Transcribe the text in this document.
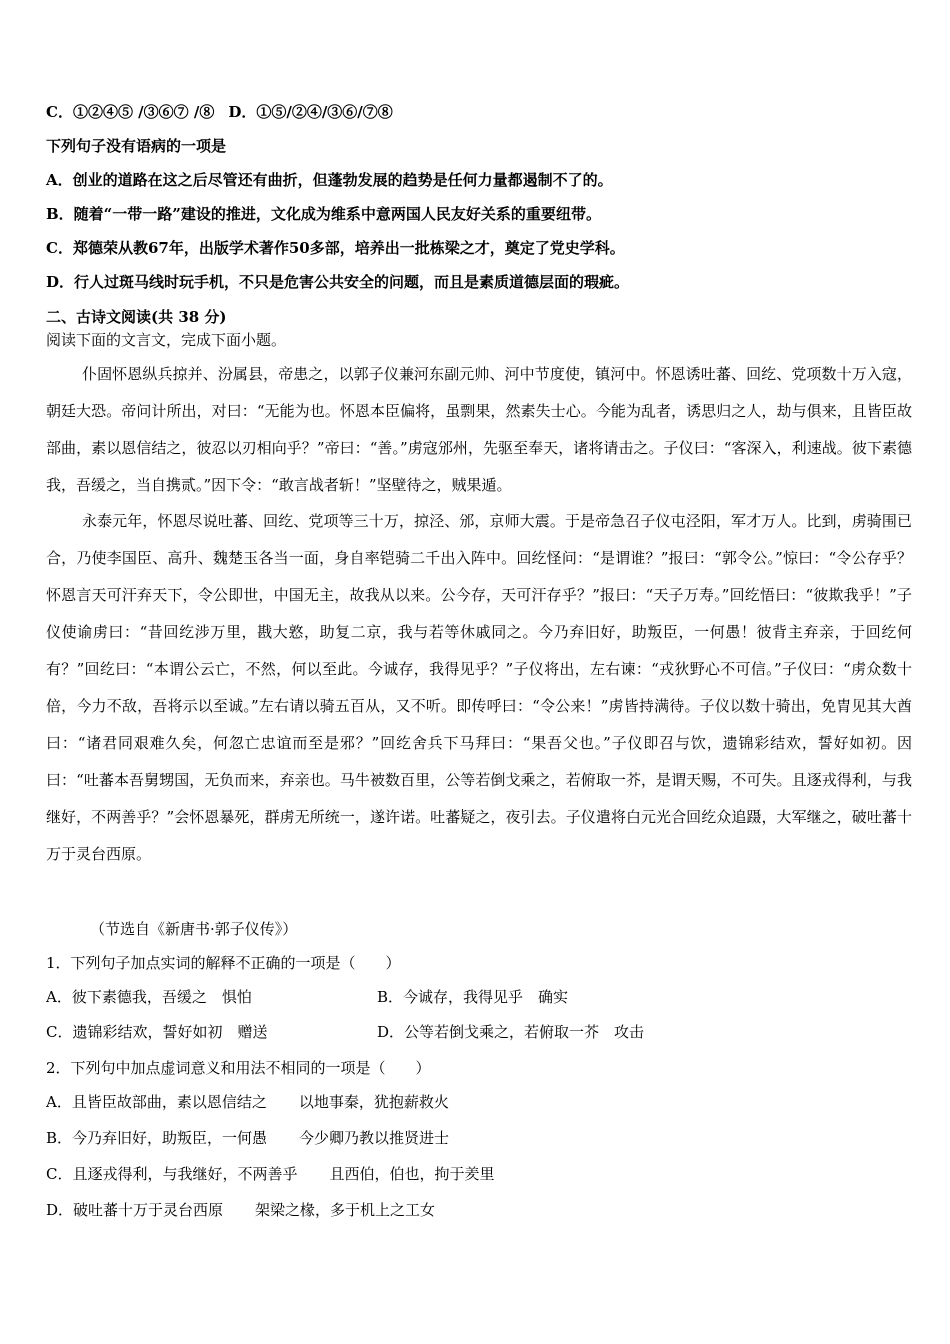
C．①②④⑤ /③⑥⑦ /⑧ D．①⑤/②④/③⑥/⑦⑧
下列句子没有语病的一项是
A．创业的道路在这之后尽管还有曲折，但蓬勃发展的趋势是任何力量都遏制不了的。
B．随着“一带一路”建设的推进，文化成为维系中意两国人民友好关系的重要纽带。
C．郑德荣从教67年，出版学术著作50多部，培养出一批栋梁之才，奠定了党史学科。
D．行人过斑马线时玩手机，不只是危害公共安全的问题，而且是素质道德层面的瑕疵。
二、古诗文阅读(共 38 分)
阅读下面的文言文，完成下面小题。

仆固怀恩纵兵掠并、汾属县，帝患之，以郭子仪兼河东副元帅、河中节度使，镇河中。怀恩诱吐蕃、回纥、党项数十万入寇，朝廷大恐。帝问计所出，对曰：“无能为也。怀恩本臣偏将，虽剽果，然素失士心。今能为乱者，诱思归之人，劫与俱来，且皆臣故部曲，素以恩信结之，彼忍以刃相向乎？”帝曰：“善。”虏寇邠州，先驱至奉天，诸将请击之。子仪曰：“客深入，利速战。彼下素德我，吾缓之，当自携贰。”因下令：“敢言战者斩！”坚壁待之，贼果遁。

永泰元年，怀恩尽说吐蕃、回纥、党项等三十万，掠泾、邠，京师大震。于是帝急召子仪屯泾阳，军才万人。比到，虏骑围已合，乃使李国臣、高升、魏楚玉各当一面，身自率铠骑二千出入阵中。回纥怪问：“是谓谁？”报曰：“郭令公。”惊曰：“令公存乎？怀恩言天可汗弃天下，令公即世，中国无主，故我从以来。公今存，天可汗存乎？”报曰：“天子万寿。”回纥悟曰：“彼欺我乎！”子仪使谕虏曰：“昔回纥涉万里，戡大憝，助复二京，我与若等休戚同之。今乃弃旧好，助叛臣，一何愚！彼背主弃亲，于回纥何有？”回纥曰：“本谓公云亡，不然，何以至此。今诚存，我得见乎？”子仪将出，左右谏：“戎狄野心不可信。”子仪曰：“虏众数十倍，今力不敌，吾将示以至诚。”左右请以骑五百从，又不听。即传呼曰：“令公来！”虏皆持满待。子仪以数十骑出，免胄见其大酋曰：“诸君同艰难久矣，何忽亡忠谊而至是邪？”回纥舍兵下马拜曰：“果吾父也。”子仪即召与饮，遗锦彩结欢，誓好如初。因曰：“吐蕃本吾舅甥国，无负而来，弃亲也。马牛被数百里，公等若倒戈乘之，若俯取一芥，是谓天赐，不可失。且逐戎得利，与我继好，不两善乎？”会怀恩暴死，群虏无所统一，遂许诺。吐蕃疑之，夜引去。子仪遣将白元光合回纥众追蹑，大军继之，破吐蕃十万于灵台西原。

（节选自《新唐书·郭子仪传》）
1．下列句子加点实词的解释不正确的一项是（　　）
A．彼下素德我，吾缓之　惧怕	B．今诚存，我得见乎　确实
C．遗锦彩结欢，誓好如初　赠送	D．公等若倒戈乘之，若俯取一芥　攻击
2．下列句中加点虚词意义和用法不相同的一项是（　　）
A．且皆臣故部曲，素以恩信结之 以地事秦，犹抱薪救火
B．今乃弃旧好，助叛臣，一何愚 今少卿乃教以推贤进士
C．且逐戎得利，与我继好，不两善乎 且西伯，伯也，拘于羑里
D．破吐蕃十万于灵台西原 架梁之椽，多于机上之工女
